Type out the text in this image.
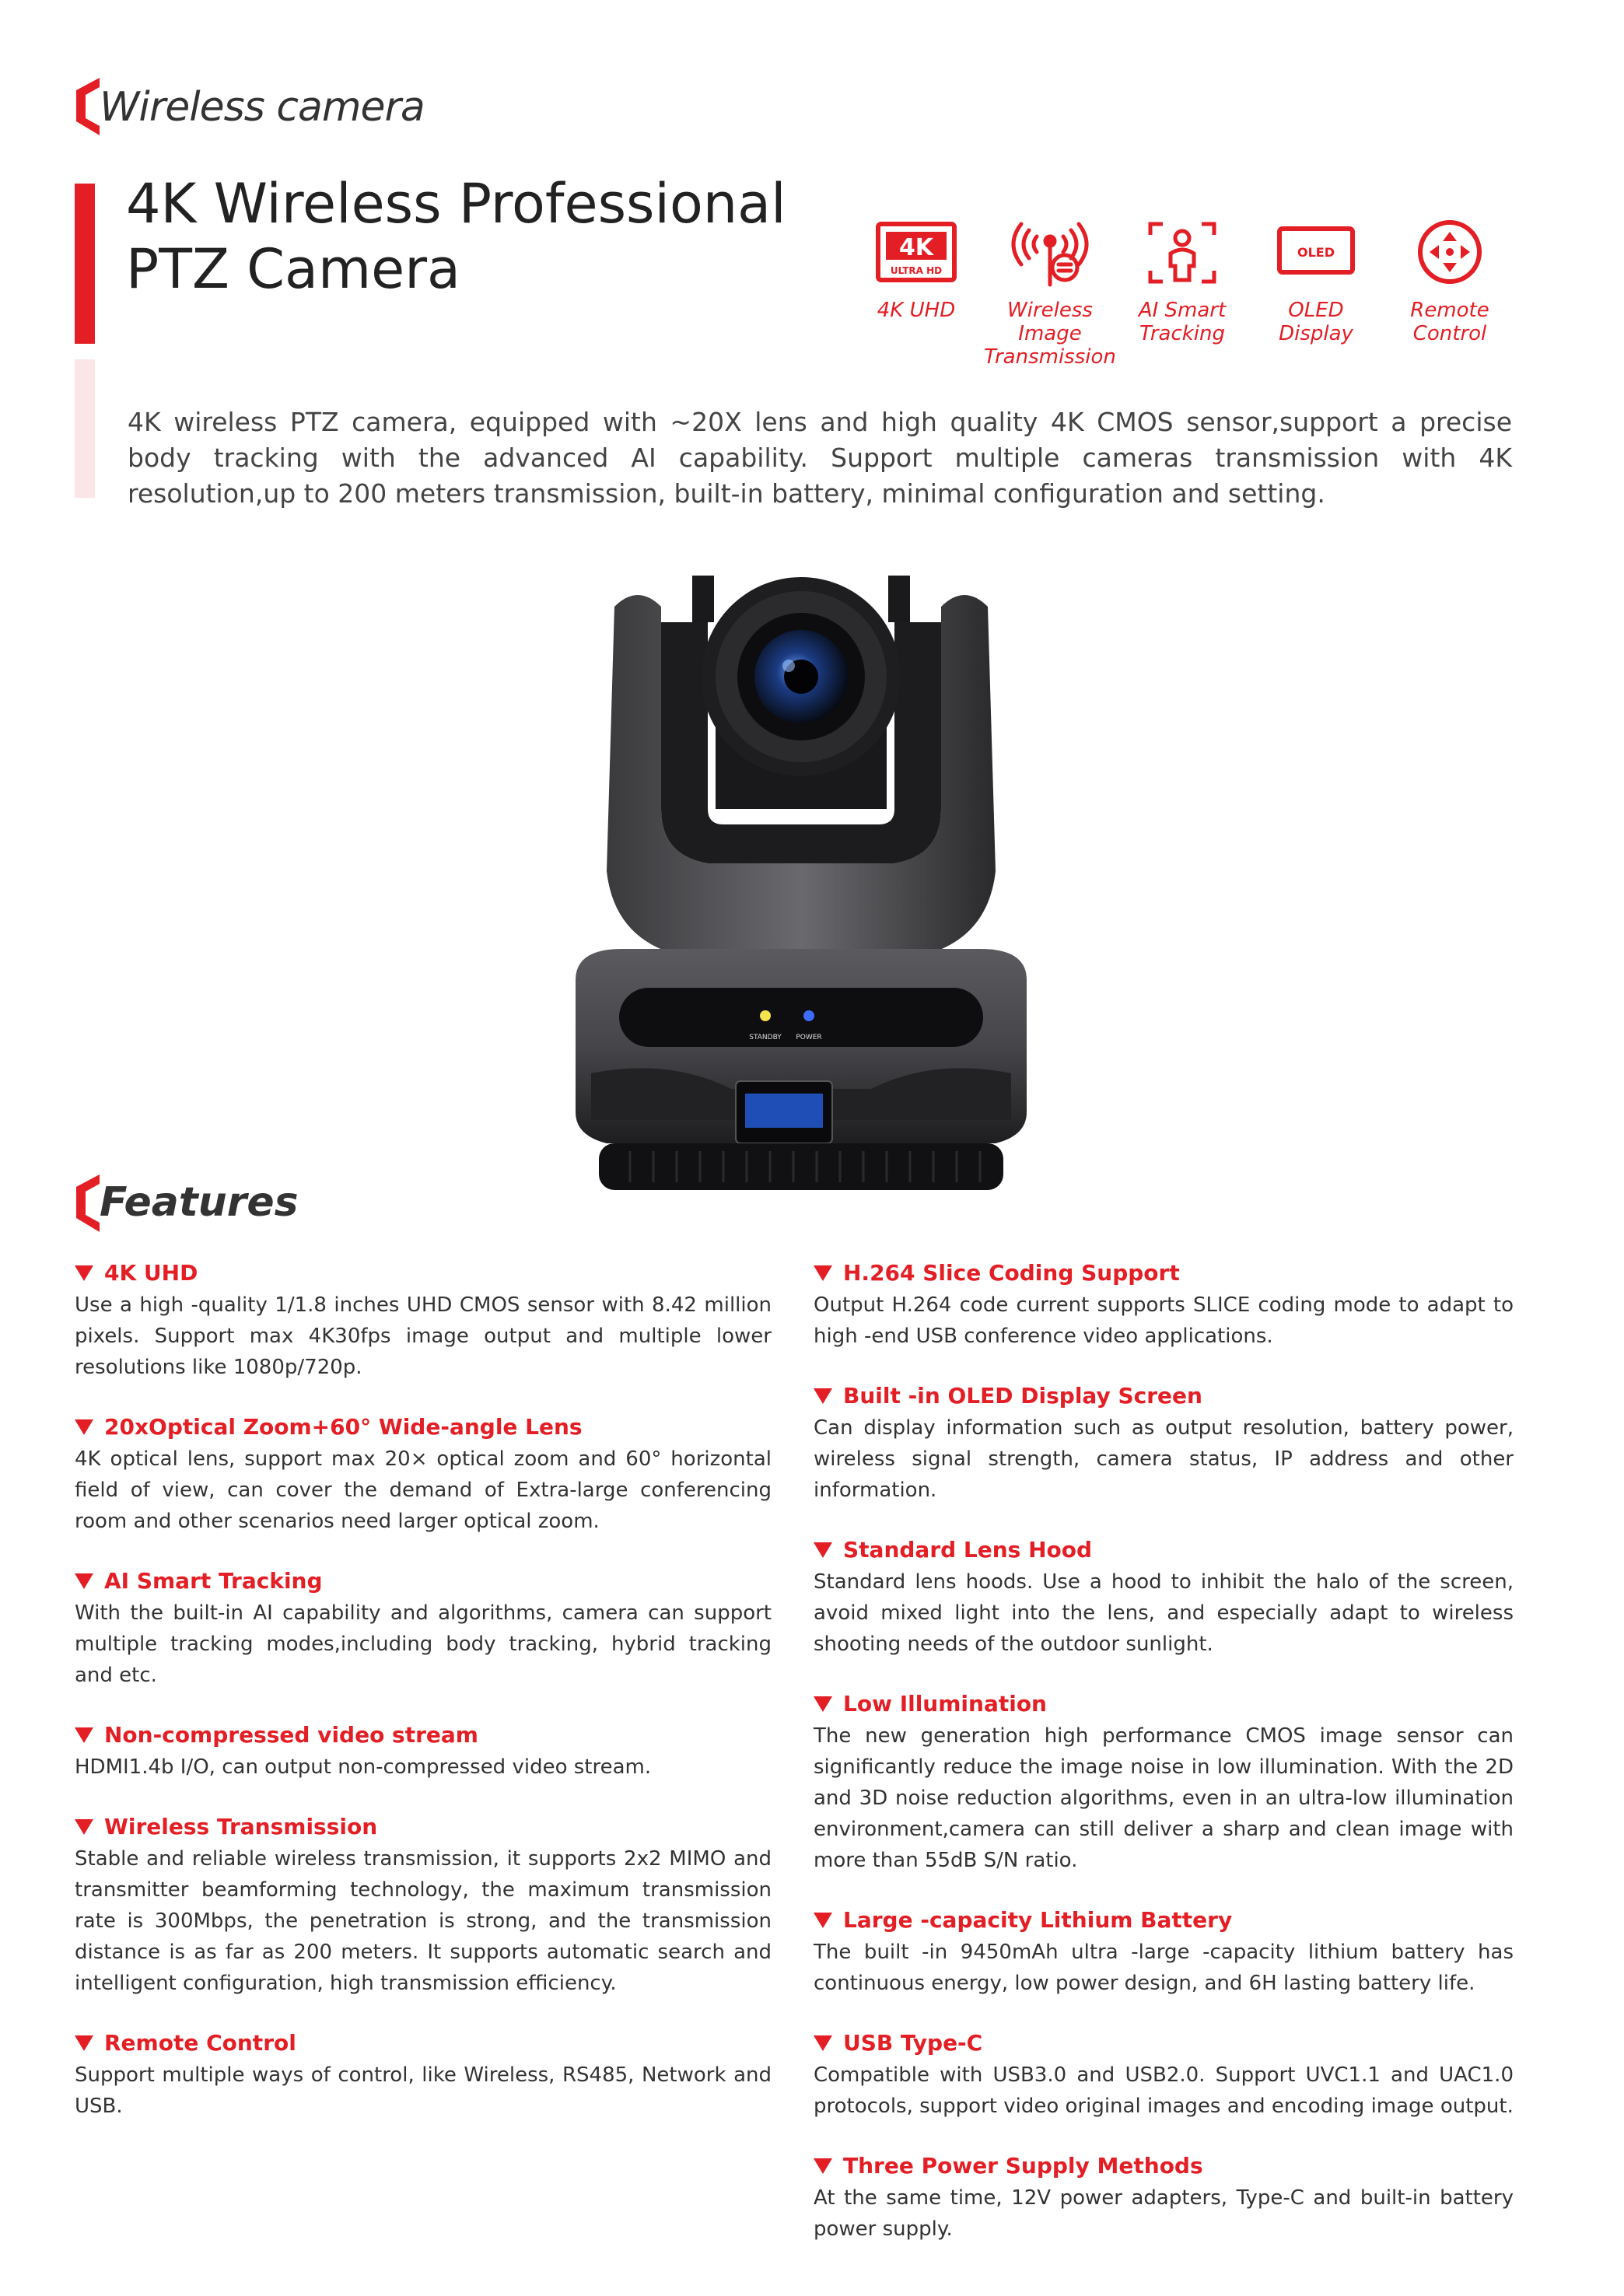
Wireless camera
4K Wireless Professional
PTZ Camera	4K
ULTRA HD
4K UHD	Wireless Image
Transmission
AI Smart
Tracking
OLED
OLED
Display
Remote
Control

4K wireless PTZ camera, equipped with ~20X lens and high quality 4K CMOS sensor,support a precise body tracking with the advanced AI capability. Support multiple cameras transmission with 4K resolution,up to 200 meters transmission, built-in battery, minimal configuration and setting.

STANDBY POWER
Features
4K UHD

Use a high -quality 1/1.8 inches UHD CMOS sensor with 8.42 million pixels. Support max 4K30fps image output and multiple lower resolutions like 1080p/720p.

20xOptical Zoom+60° Wide-angle Lens

4K optical lens, support max 20× optical zoom and 60° horizontal field of view, can cover the demand of Extra-large conferencing room and other scenarios need larger optical zoom.

AI Smart Tracking

With the built-in AI capability and algorithms, camera can support multiple tracking modes,including body tracking, hybrid tracking and etc.

Non-compressed video stream

HDMI1.4b I/O, can output non-compressed video stream.

Wireless Transmission

Stable and reliable wireless transmission, it supports 2x2 MIMO and transmitter beamforming technology, the maximum transmission rate is 300Mbps, the penetration is strong, and the transmission distance is as far as 200 meters. It supports automatic search and intelligent configuration, high transmission efficiency.

Remote Control

Support multiple ways of control, like Wireless, RS485, Network and USB.

H.264 Slice Coding Support

Output H.264 code current supports SLICE coding mode to adapt to high -end USB conference video applications.

Built -in OLED Display Screen

Can display information such as output resolution, battery power, wireless signal strength, camera status, IP address and other information.

Standard Lens Hood

Standard lens hoods. Use a hood to inhibit the halo of the screen, avoid mixed light into the lens, and especially adapt to wireless shooting needs of the outdoor sunlight.

Low Illumination

The new generation high performance CMOS image sensor can significantly reduce the image noise in low illumination. With the 2D and 3D noise reduction algorithms, even in an ultra-low illumination environment,camera can still deliver a sharp and clean image with more than 55dB S/N ratio.

Large -capacity Lithium Battery

The built -in 9450mAh ultra -large -capacity lithium battery has continuous energy, low power design, and 6H lasting battery life.

USB Type-C

Compatible with USB3.0 and USB2.0. Support UVC1.1 and UAC1.0 protocols, support video original images and encoding image output.

Three Power Supply Methods

At the same time, 12V power adapters, Type-C and built-in battery power supply.
